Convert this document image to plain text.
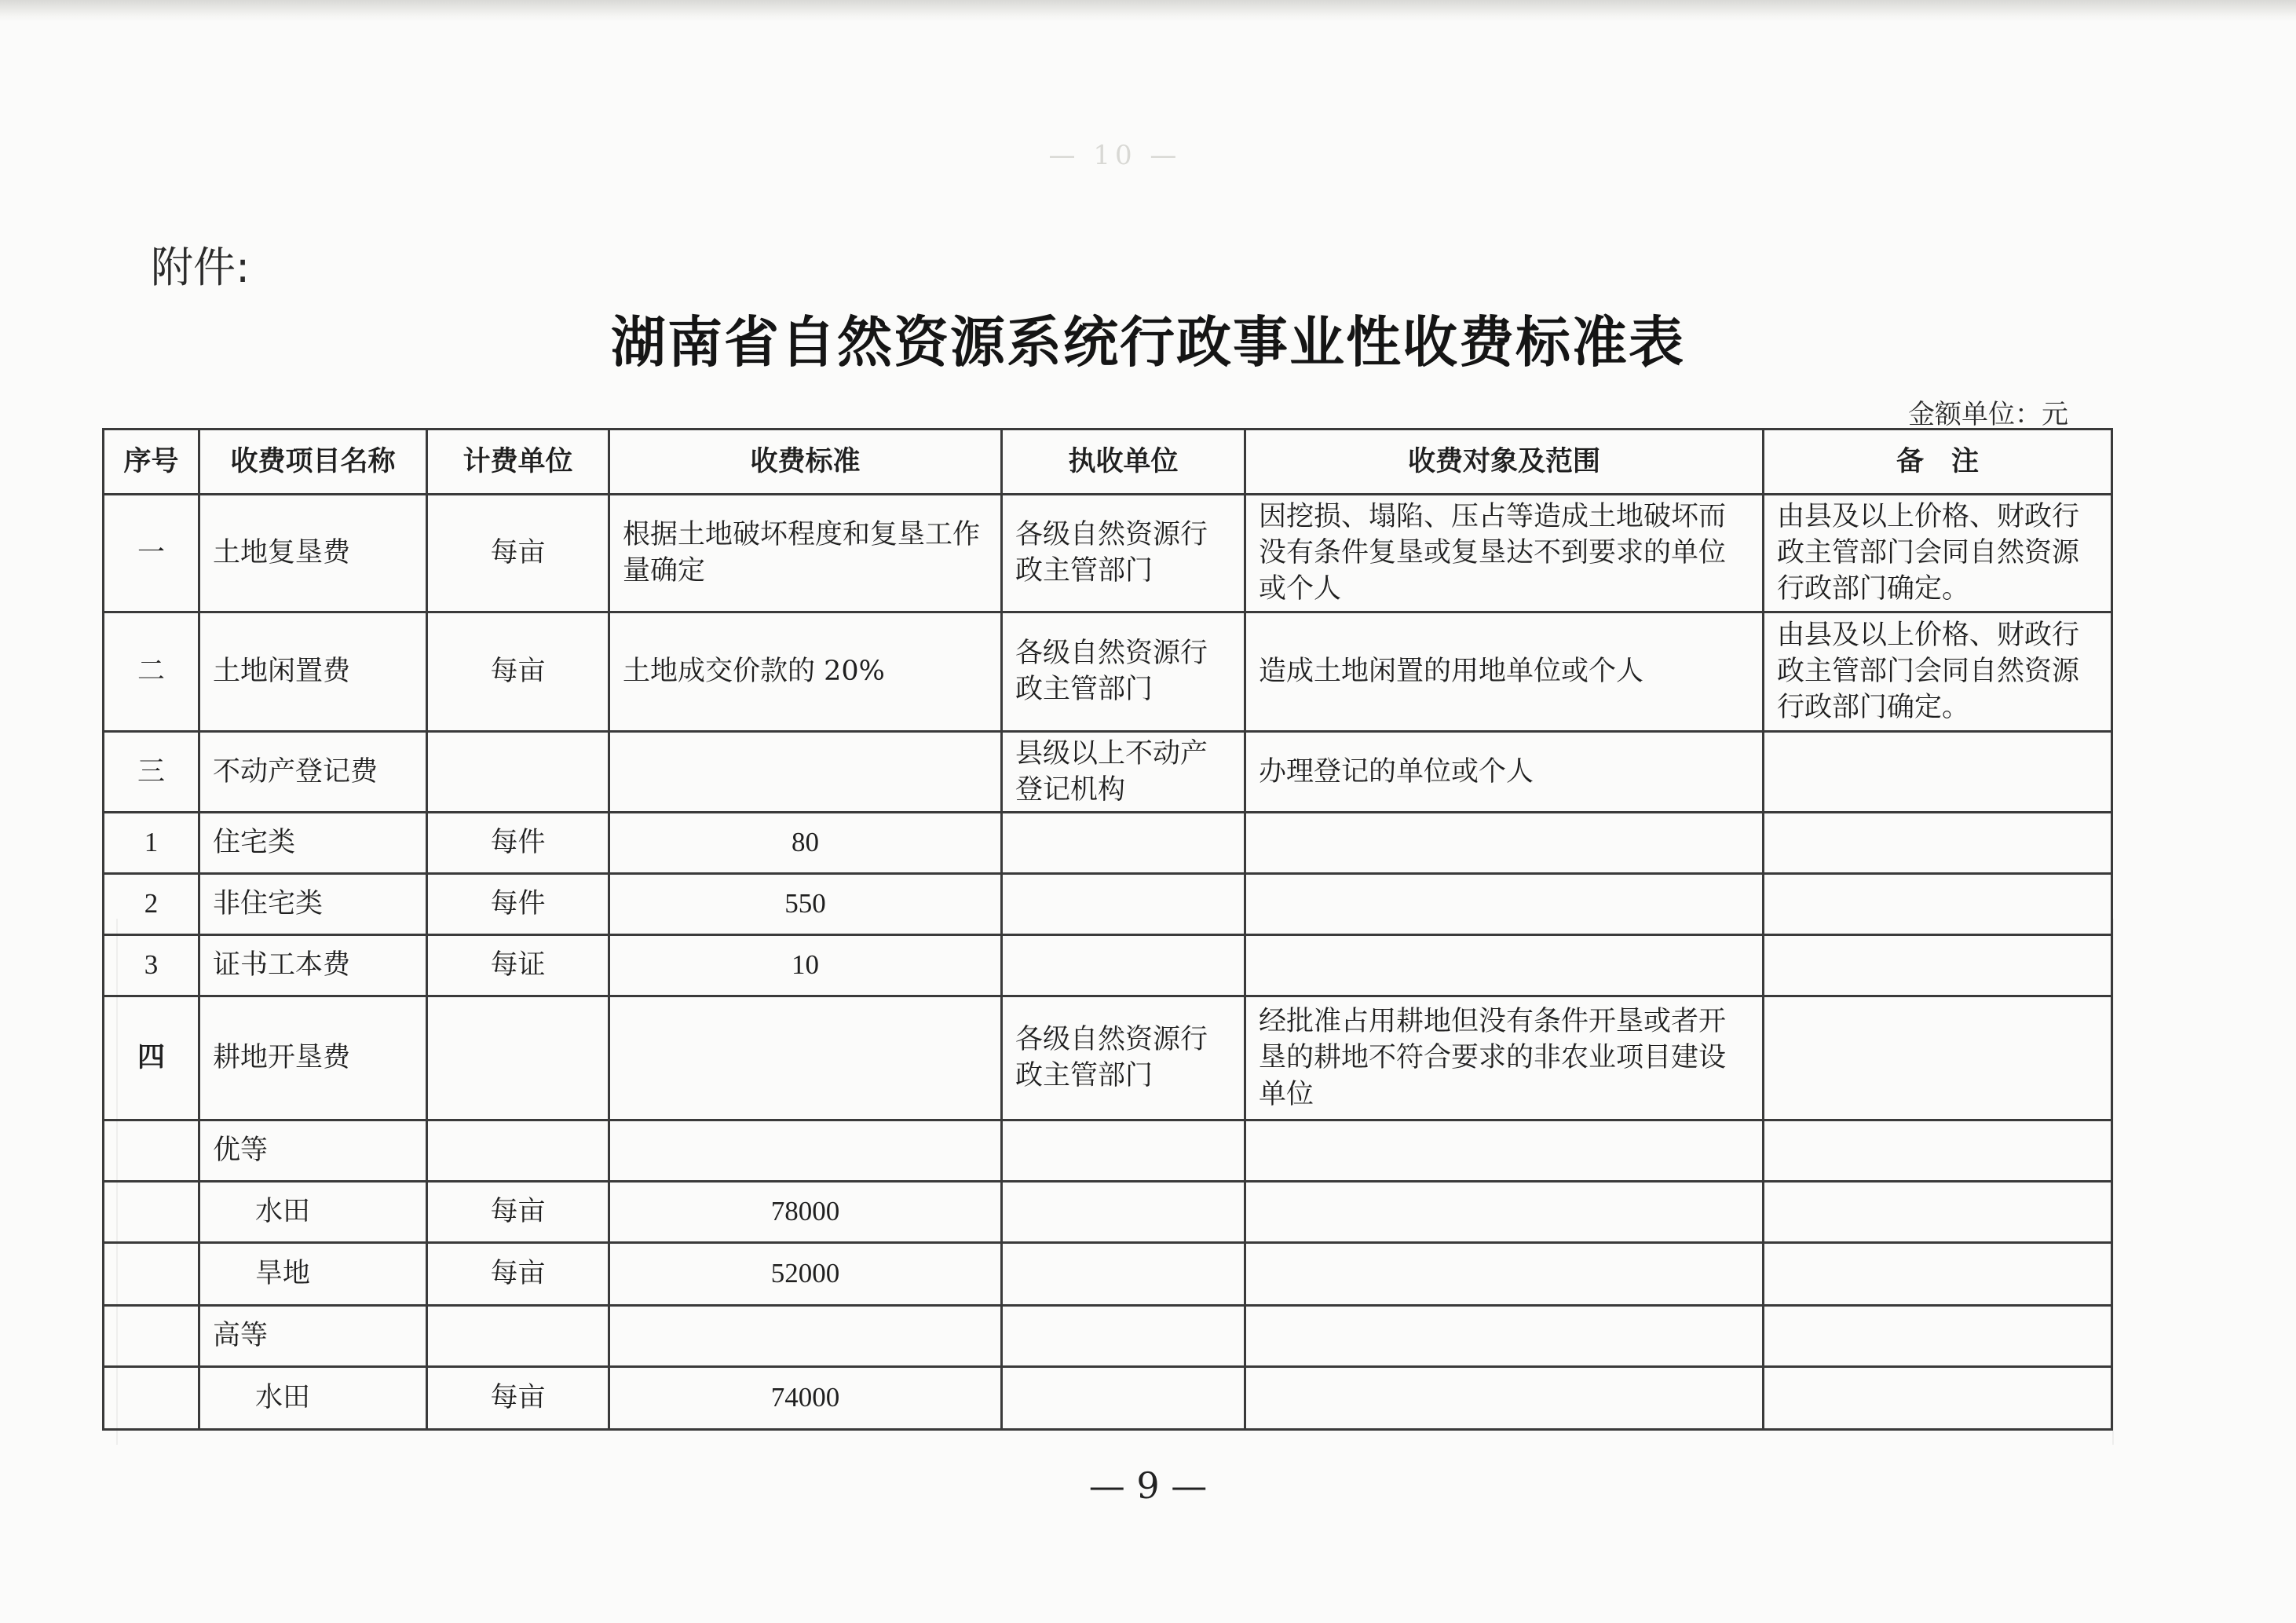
— 10 —
附件:
湖南省自然资源系统行政事业性收费标准表
金额单位：元
序号	收费项目名称	计费单位	收费标准	执收单位	收费对象及范围	备　注
一	土地复垦费	每亩	根据土地破坏程度和复垦工作量确定	各级自然资源行政主管部门	因挖损、塌陷、压占等造成土地破坏而没有条件复垦或复垦达不到要求的单位或个人	由县及以上价格、财政行政主管部门会同自然资源行政部门确定。
二	土地闲置费	每亩	土地成交价款的 20%	各级自然资源行政主管部门	造成土地闲置的用地单位或个人	由县及以上价格、财政行政主管部门会同自然资源行政部门确定。
三	不动产登记费			县级以上不动产登记机构	办理登记的单位或个人	
1	住宅类	每件	80			
2	非住宅类	每件	550			
3	证书工本费	每证	10			
四	耕地开垦费			各级自然资源行政主管部门	经批准占用耕地但没有条件开垦或者开垦的耕地不符合要求的非农业项目建设单位	
	优等					
	水田	每亩	78000			
	旱地	每亩	52000			
	高等					
	水田	每亩	74000			
— 9 —
